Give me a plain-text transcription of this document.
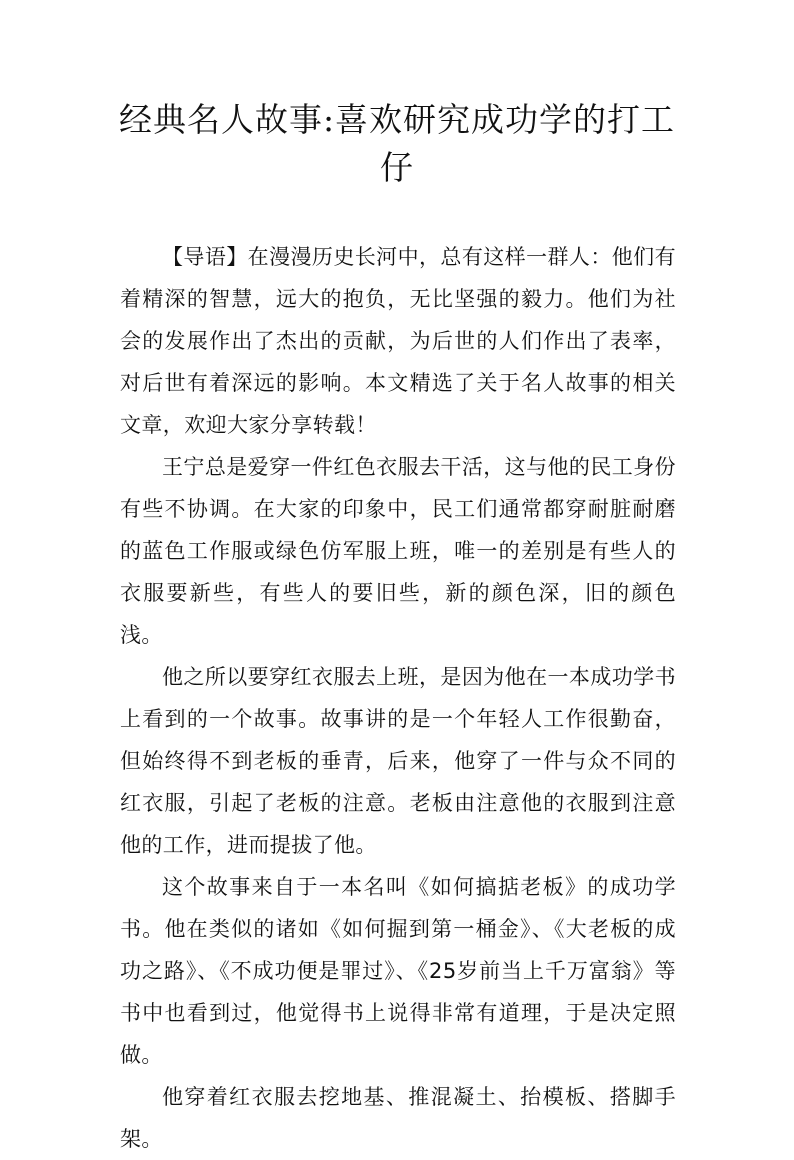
经典名人故事:喜欢研究成功学的打工仔

【导语】在漫漫历史长河中，总有这样一群人：他们有着精深的智慧，远大的抱负，无比坚强的毅力。他们为社会的发展作出了杰出的贡献，为后世的人们作出了表率，对后世有着深远的影响。本文精选了关于名人故事的相关文章，欢迎大家分享转载！

王宁总是爱穿一件红色衣服去干活，这与他的民工身份有些不协调。在大家的印象中，民工们通常都穿耐脏耐磨的蓝色工作服或绿色仿军服上班，唯一的差别是有些人的衣服要新些，有些人的要旧些，新的颜色深，旧的颜色浅。

他之所以要穿红衣服去上班，是因为他在一本成功学书上看到的一个故事。故事讲的是一个年轻人工作很勤奋，但始终得不到老板的垂青，后来，他穿了一件与众不同的红衣服，引起了老板的注意。老板由注意他的衣服到注意他的工作，进而提拔了他。

这个故事来自于一本名叫《如何搞掂老板》的成功学书。他在类似的诸如《如何掘到第一桶金》、《大老板的成功之路》、《不成功便是罪过》、《25岁前当上千万富翁》等书中也看到过，他觉得书上说得非常有道理，于是决定照做。

他穿着红衣服去挖地基、推混凝土、抬模板、搭脚手架。
